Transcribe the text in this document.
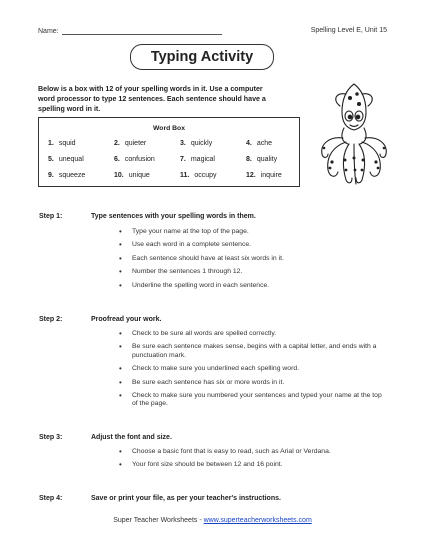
Name:	Spelling Level E, Unit 15
Typing Activity
Below is a box with 12 of your spelling words in it. Use a computer word processor to type 12 sentences. Each sentence should have a spelling word in it.
Word Box
1. squid	2. quieter	3. quickly	4. ache
5. unequal	6. confusion	7. magical	8. quality
9. squeeze	10. unique	11. occupy	12. inquire
Step 1:	Type sentences with your spelling words in them.
• Type your name at the top of the page.
• Use each word in a complete sentence.
• Each sentence should have at least six words in it.
• Number the sentences 1 through 12.
• Underline the spelling word in each sentence.
Step 2:	Proofread your work.
• Check to be sure all words are spelled correctly.
• Be sure each sentence makes sense, begins with a capital letter, and ends with a punctuation mark.
• Check to make sure you underlined each spelling word.
• Be sure each sentence has six or more words in it.
• Check to make sure you numbered your sentences and typed your name at the top of the page.
Step 3:	Adjust the font and size.
• Choose a basic font that is easy to read, such as Arial or Verdana.
• Your font size should be between 12 and 16 point.
Step 4:	Save or print your file, as per your teacher's instructions.
Super Teacher Worksheets - www.superteacherworksheets.com
